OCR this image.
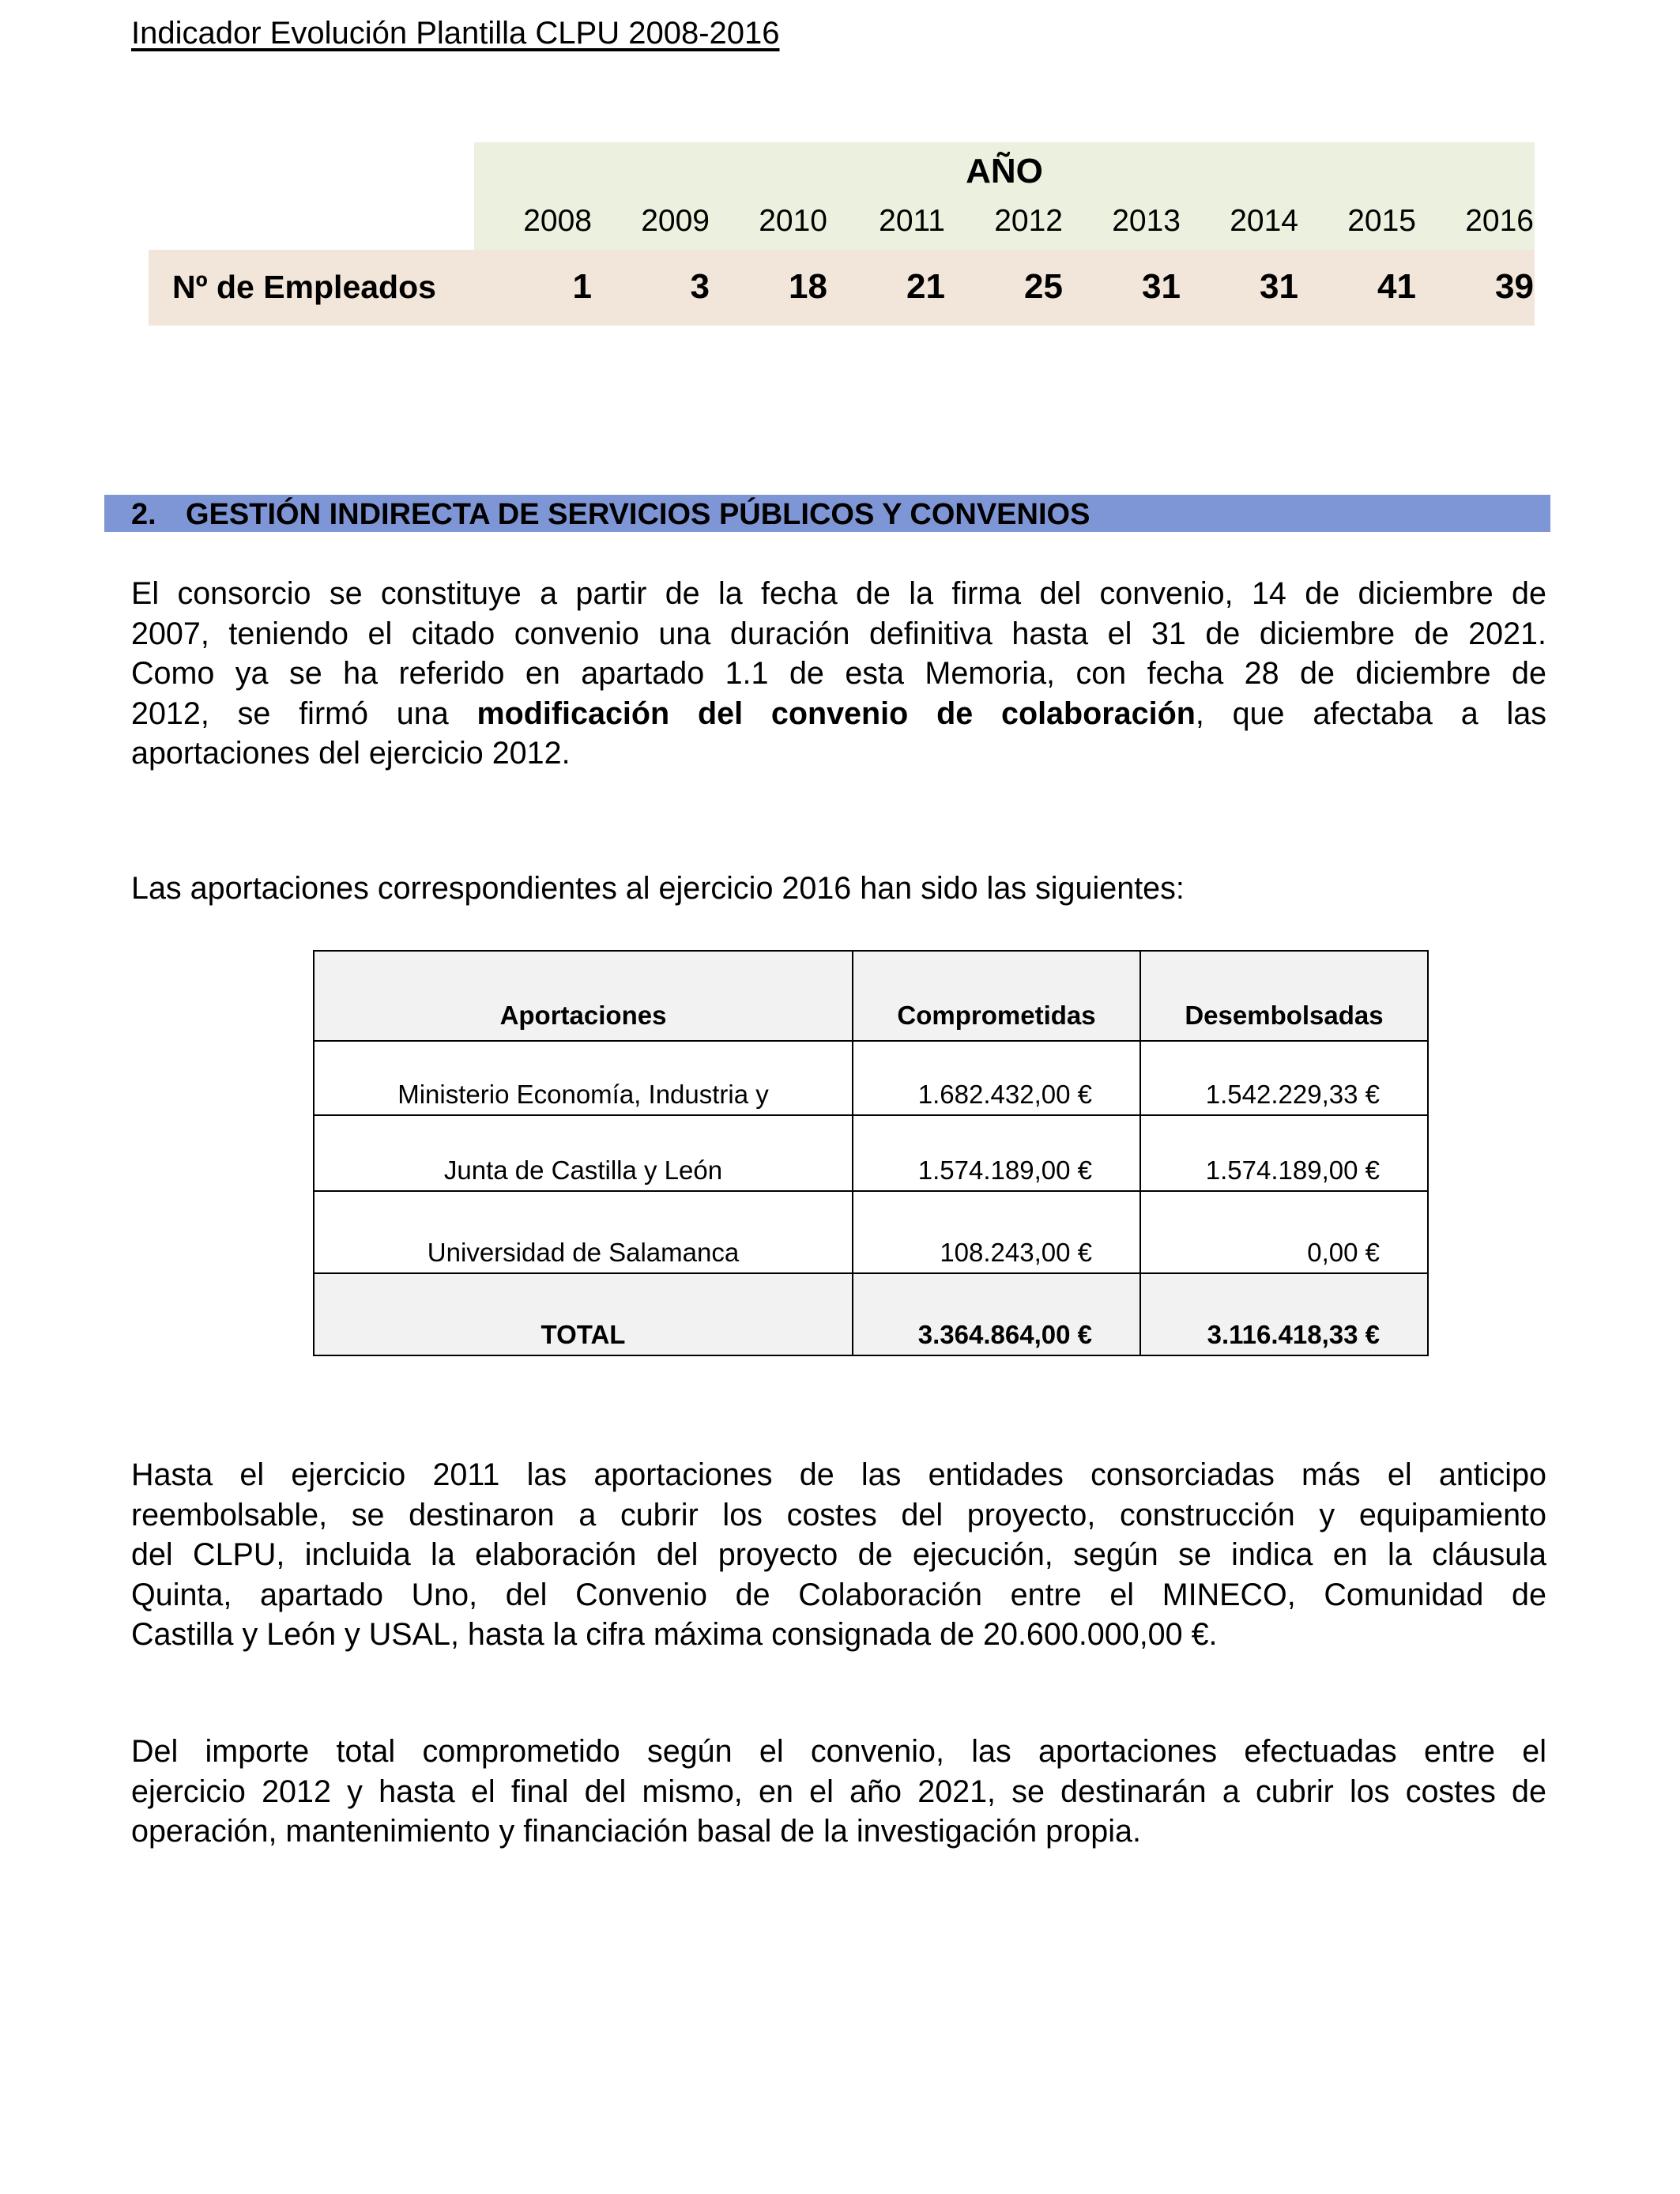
Indicador Evolución Plantilla CLPU 2008-2016
AÑO
2008	2009	2010	2011	2012	2013	2014	2015	2016
Nº de Empleados	1	3	18	21	25	31	31	41	39
2. GESTIÓN INDIRECTA DE SERVICIOS PÚBLICOS Y CONVENIOS
El consorcio se constituye a partir de la fecha de la firma del convenio, 14 de diciembre de
2007, teniendo el citado convenio una duración definitiva hasta el 31 de diciembre de 2021.
Como ya se ha referido en apartado 1.1 de esta Memoria, con fecha 28 de diciembre de
2012, se firmó una modificación del convenio de colaboración, que afectaba a las
aportaciones del ejercicio 2012.
Las aportaciones correspondientes al ejercicio 2016 han sido las siguientes:
Aportaciones	Comprometidas	Desembolsadas

Ministerio Economía, Industria y	1.682.432,00 €	1.542.229,33 €
Junta de Castilla y León	1.574.189,00 €	1.574.189,00 €
Universidad de Salamanca	108.243,00 €	0,00 €
TOTAL	3.364.864,00 €	3.116.418,33 €
Hasta el ejercicio 2011 las aportaciones de las entidades consorciadas más el anticipo
reembolsable, se destinaron a cubrir los costes del proyecto, construcción y equipamiento
del CLPU, incluida la elaboración del proyecto de ejecución, según se indica en la cláusula
Quinta, apartado Uno, del Convenio de Colaboración entre el MINECO, Comunidad de
Castilla y León y USAL, hasta la cifra máxima consignada de 20.600.000,00 €.
Del importe total comprometido según el convenio, las aportaciones efectuadas entre el
ejercicio 2012 y hasta el final del mismo, en el año 2021, se destinarán a cubrir los costes de
operación, mantenimiento y financiación basal de la investigación propia.
